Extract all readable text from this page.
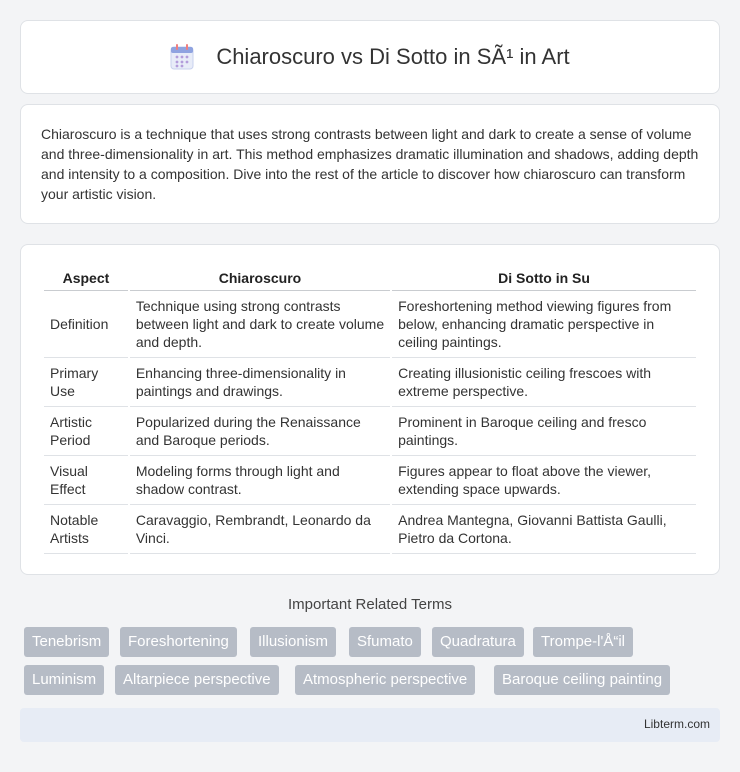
Chiaroscuro vs Di Sotto in SÃ¹ in Art

Chiaroscuro is a technique that uses strong contrasts between light and dark to create a sense of volume and three-dimensionality in art. This method emphasizes dramatic illumination and shadows, adding depth and intensity to a composition. Dive into the rest of the article to discover how chiaroscuro can transform your artistic vision.

Aspect	Chiaroscuro	Di Sotto in Su
Definition	Technique using strong contrasts between light and dark to create volume and depth.	Foreshortening method viewing figures from below, enhancing dramatic perspective in ceiling paintings.
Primary Use	Enhancing three-dimensionality in paintings and drawings.	Creating illusionistic ceiling frescoes with extreme perspective.
Artistic Period	Popularized during the Renaissance and Baroque periods.	Prominent in Baroque ceiling and fresco paintings.
Visual Effect	Modeling forms through light and shadow contrast.	Figures appear to float above the viewer, extending space upwards.
Notable Artists	Caravaggio, Rembrandt, Leonardo da Vinci.	Andrea Mantegna, Giovanni Battista Gaulli, Pietro da Cortona.
Important Related Terms
Tenebrism	Foreshortening	Illusionism	Sfumato	Quadratura	Trompe-l'Å“il
Luminism	Altarpiece perspective	Atmospheric perspective	Baroque ceiling painting
Libterm.com
